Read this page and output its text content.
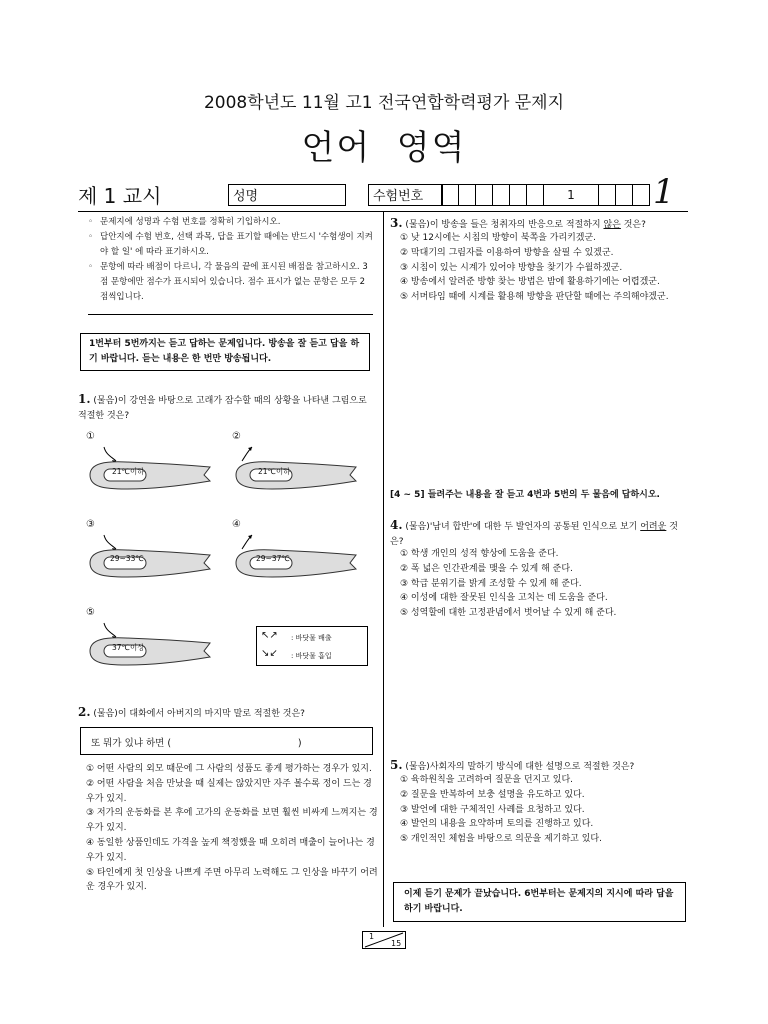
2008학년도 11월 고1 전국연합학력평가 문제지
언어  영역
제 1 교시	성명	수험번호	1	1
◦ 문제지에 성명과 수험 번호를 정확히 기입하시오.
◦ 답안지에 수험 번호, 선택 과목, 답을 표기할 때에는 반드시 '수험생이 지켜야 할 일' 에 따라 표기하시오.
◦ 문항에 따라 배점이 다르니, 각 물음의 끝에 표시된 배점을 참고하시오. 3점 문항에만 점수가 표시되어 있습니다. 점수 표시가 없는 문항은 모두 2점씩입니다.
1번부터 5번까지는 듣고 답하는 문제입니다. 방송을 잘 듣고 답을 하기 바랍니다. 듣는 내용은 한 번만 방송됩니다.
1. (물음)이 강연을 바탕으로 고래가 잠수할 때의 상황을 나타낸 그림으로 적절한 것은?
①
21℃이하
②
21℃이하
③
29~33℃
④
29~37℃
⑤
37℃이상
↖↗ : 바닷물 배출
↘↙ : 바닷물 흡입
2. (물음)이 대화에서 아버지의 마지막 말로 적절한 것은?
또 뭐가 있냐 하면 (                                          )
① 어떤 사람의 외모 때문에 그 사람의 성품도 좋게 평가하는 경우가 있지.
② 어떤 사람을 처음 만났을 때 실제는 않았지만 자주 볼수록 정이 드는 경우가 있지.
③ 저가의 운동화를 본 후에 고가의 운동화를 보면 훨씬 비싸게 느껴지는 경우가 있지.
④ 동일한 상품인데도 가격을 높게 책정했을 때 오히려 매출이 늘어나는 경우가 있지.
⑤ 타인에게 첫 인상을 나쁘게 주면 아무리 노력해도 그 인상을 바꾸기 어려운 경우가 있지.
3. (물음)이 방송을 들은 청취자의 반응으로 적절하지 않은 것은?
① 낮 12시에는 시침의 방향이 북쪽을 가리키겠군.
② 막대기의 그림자를 이용하여 방향을 살필 수 있겠군.
③ 시침이 있는 시계가 있어야 방향을 찾기가 수월하겠군.
④ 방송에서 알려준 방향 찾는 방법은 밤에 활용하기에는 어렵겠군.
⑤ 서머타임 때에 시계를 활용해 방향을 판단할 때에는 주의해야겠군.
[4 ~ 5] 들려주는 내용을 잘 듣고 4번과 5번의 두 물음에 답하시오.
4. (물음)'남녀 합반'에 대한 두 발언자의 공통된 인식으로 보기 어려운 것은?
① 학생 개인의 성적 향상에 도움을 준다.
② 폭 넓은 인간관계를 맺을 수 있게 해 준다.
③ 학급 분위기를 밝게 조성할 수 있게 해 준다.
④ 이성에 대한 잘못된 인식을 고치는 데 도움을 준다.
⑤ 성역할에 대한 고정관념에서 벗어날 수 있게 해 준다.
5. (물음)사회자의 말하기 방식에 대한 설명으로 적절한 것은?
① 육하원칙을 고려하여 질문을 던지고 있다.
② 질문을 반복하여 보충 설명을 유도하고 있다.
③ 발언에 대한 구체적인 사례를 요청하고 있다.
④ 발언의 내용을 요약하며 토의를 진행하고 있다.
⑤ 개인적인 체험을 바탕으로 의문을 제기하고 있다.
이제 듣기 문제가 끝났습니다. 6번부터는 문제지의 지시에 따라 답을 하기 바랍니다.
1
15
